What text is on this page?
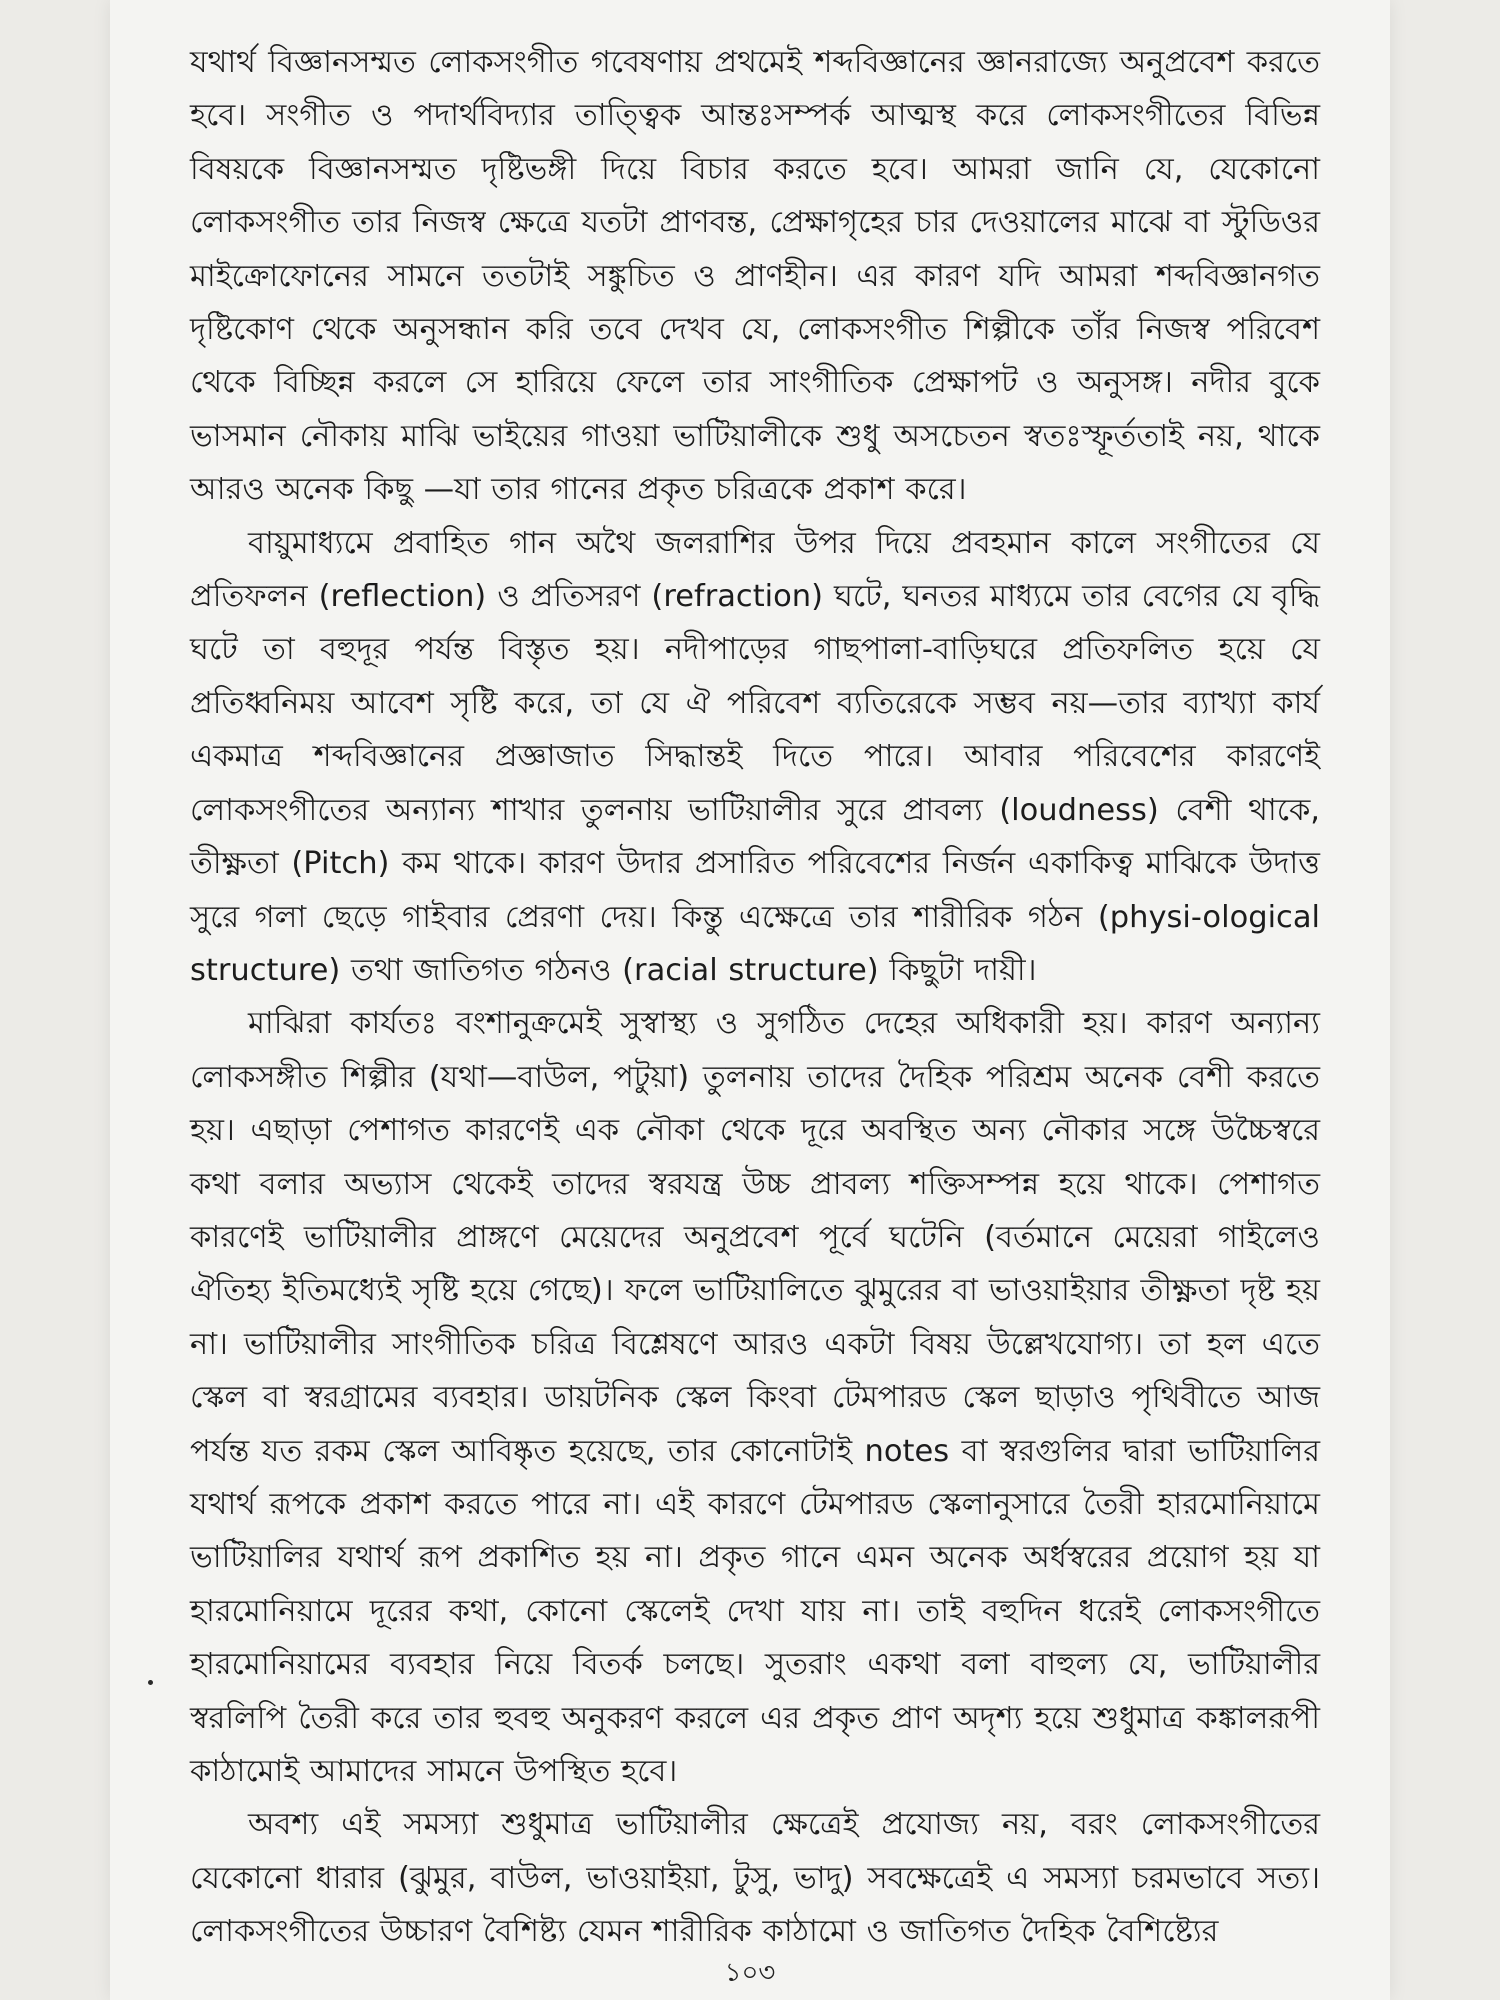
যথার্থ বিজ্ঞানসম্মত লোকসংগীত গবেষণায় প্রথমেই শব্দবিজ্ঞানের জ্ঞানরাজ্যে অনুপ্রবেশ করতে হবে। সংগীত ও পদার্থবিদ্যার তাত্ত্বিক আন্তঃসম্পর্ক আত্মস্থ করে লোকসংগীতের বিভিন্ন বিষয়কে বিজ্ঞানসম্মত দৃষ্টিভঙ্গী দিয়ে বিচার করতে হবে। আমরা জানি যে, যেকোনো লোকসংগীত তার নিজস্ব ক্ষেত্রে যতটা প্রাণবন্ত, প্রেক্ষাগৃহের চার দেওয়ালের মাঝে বা স্টুডিওর মাইক্রোফোনের সামনে ততটাই সঙ্কুচিত ও প্রাণহীন। এর কারণ যদি আমরা শব্দবিজ্ঞানগত দৃষ্টিকোণ থেকে অনুসন্ধান করি তবে দেখব যে, লোকসংগীত শিল্পীকে তাঁর নিজস্ব পরিবেশ থেকে বিচ্ছিন্ন করলে সে হারিয়ে ফেলে তার সাংগীতিক প্রেক্ষাপট ও অনুসঙ্গ। নদীর বুকে ভাসমান নৌকায় মাঝি ভাইয়ের গাওয়া ভাটিয়ালীকে শুধু অসচেতন স্বতঃস্ফূর্ততাই নয়, থাকে আরও অনেক কিছু —যা তার গানের প্রকৃত চরিত্রকে প্রকাশ করে।

বায়ুমাধ্যমে প্রবাহিত গান অথৈ জলরাশির উপর দিয়ে প্রবহমান কালে সংগীতের যে প্রতিফলন (reflection) ও প্রতিসরণ (refraction) ঘটে, ঘনতর মাধ্যমে তার বেগের যে বৃদ্ধি ঘটে তা বহুদূর পর্যন্ত বিস্তৃত হয়। নদীপাড়ের গাছপালা-বাড়িঘরে প্রতিফলিত হয়ে যে প্রতিধ্বনিময় আবেশ সৃষ্টি করে, তা যে ঐ পরিবেশ ব্যতিরেকে সম্ভব নয়—তার ব্যাখ্যা কার্য একমাত্র শব্দবিজ্ঞানের প্রজ্ঞাজাত সিদ্ধান্তই দিতে পারে। আবার পরিবেশের কারণেই লোকসংগীতের অন্যান্য শাখার তুলনায় ভাটিয়ালীর সুরে প্রাবল্য (loudness) বেশী থাকে, তীক্ষ্ণতা (Pitch) কম থাকে। কারণ উদার প্রসারিত পরিবেশের নির্জন একাকিত্ব মাঝিকে উদাত্ত সুরে গলা ছেড়ে গাইবার প্রেরণা দেয়। কিন্তু এক্ষেত্রে তার শারীরিক গঠন (physi-ological structure) তথা জাতিগত গঠনও (racial structure) কিছুটা দায়ী।

মাঝিরা কার্যতঃ বংশানুক্রমেই সুস্বাস্থ্য ও সুগঠিত দেহের অধিকারী হয়। কারণ অন্যান্য লোকসঙ্গীত শিল্পীর (যথা—বাউল, পটুয়া) তুলনায় তাদের দৈহিক পরিশ্রম অনেক বেশী করতে হয়। এছাড়া পেশাগত কারণেই এক নৌকা থেকে দূরে অবস্থিত অন্য নৌকার সঙ্গে উচ্চৈস্বরে কথা বলার অভ্যাস থেকেই তাদের স্বরযন্ত্র উচ্চ প্রাবল্য শক্তিসম্পন্ন হয়ে থাকে। পেশাগত কারণেই ভাটিয়ালীর প্রাঙ্গণে মেয়েদের অনুপ্রবেশ পূর্বে ঘটেনি (বর্তমানে মেয়েরা গাইলেও ঐতিহ্য ইতিমধ্যেই সৃষ্টি হয়ে গেছে)। ফলে ভাটিয়ালিতে ঝুমুরের বা ভাওয়াইয়ার তীক্ষ্ণতা দৃষ্ট হয় না। ভাটিয়ালীর সাংগীতিক চরিত্র বিশ্লেষণে আরও একটা বিষয় উল্লেখযোগ্য। তা হল এতে স্কেল বা স্বরগ্রামের ব্যবহার। ডায়টনিক স্কেল কিংবা টেমপারড স্কেল ছাড়াও পৃথিবীতে আজ পর্যন্ত যত রকম স্কেল আবিষ্কৃত হয়েছে, তার কোনোটাই notes বা স্বরগুলির দ্বারা ভাটিয়ালির যথার্থ রূপকে প্রকাশ করতে পারে না। এই কারণে টেমপারড স্কেলানুসারে তৈরী হারমোনিয়ামে ভাটিয়ালির যথার্থ রূপ প্রকাশিত হয় না। প্রকৃত গানে এমন অনেক অর্ধস্বরের প্রয়োগ হয় যা হারমোনিয়ামে দূরের কথা, কোনো স্কেলেই দেখা যায় না। তাই বহুদিন ধরেই লোকসংগীতে হারমোনিয়ামের ব্যবহার নিয়ে বিতর্ক চলছে। সুতরাং একথা বলা বাহুল্য যে, ভাটিয়ালীর স্বরলিপি তৈরী করে তার হুবহু অনুকরণ করলে এর প্রকৃত প্রাণ অদৃশ্য হয়ে শুধুমাত্র কঙ্কালরূপী কাঠামোই আমাদের সামনে উপস্থিত হবে।

অবশ্য এই সমস্যা শুধুমাত্র ভাটিয়ালীর ক্ষেত্রেই প্রযোজ্য নয়, বরং লোকসংগীতের যেকোনো ধারার (ঝুমুর, বাউল, ভাওয়াইয়া, টুসু, ভাদু) সবক্ষেত্রেই এ সমস্যা চরমভাবে সত্য। লোকসংগীতের উচ্চারণ বৈশিষ্ট্য যেমন শারীরিক কাঠামো ও জাতিগত দৈহিক বৈশিষ্ট্যের

১০৩
